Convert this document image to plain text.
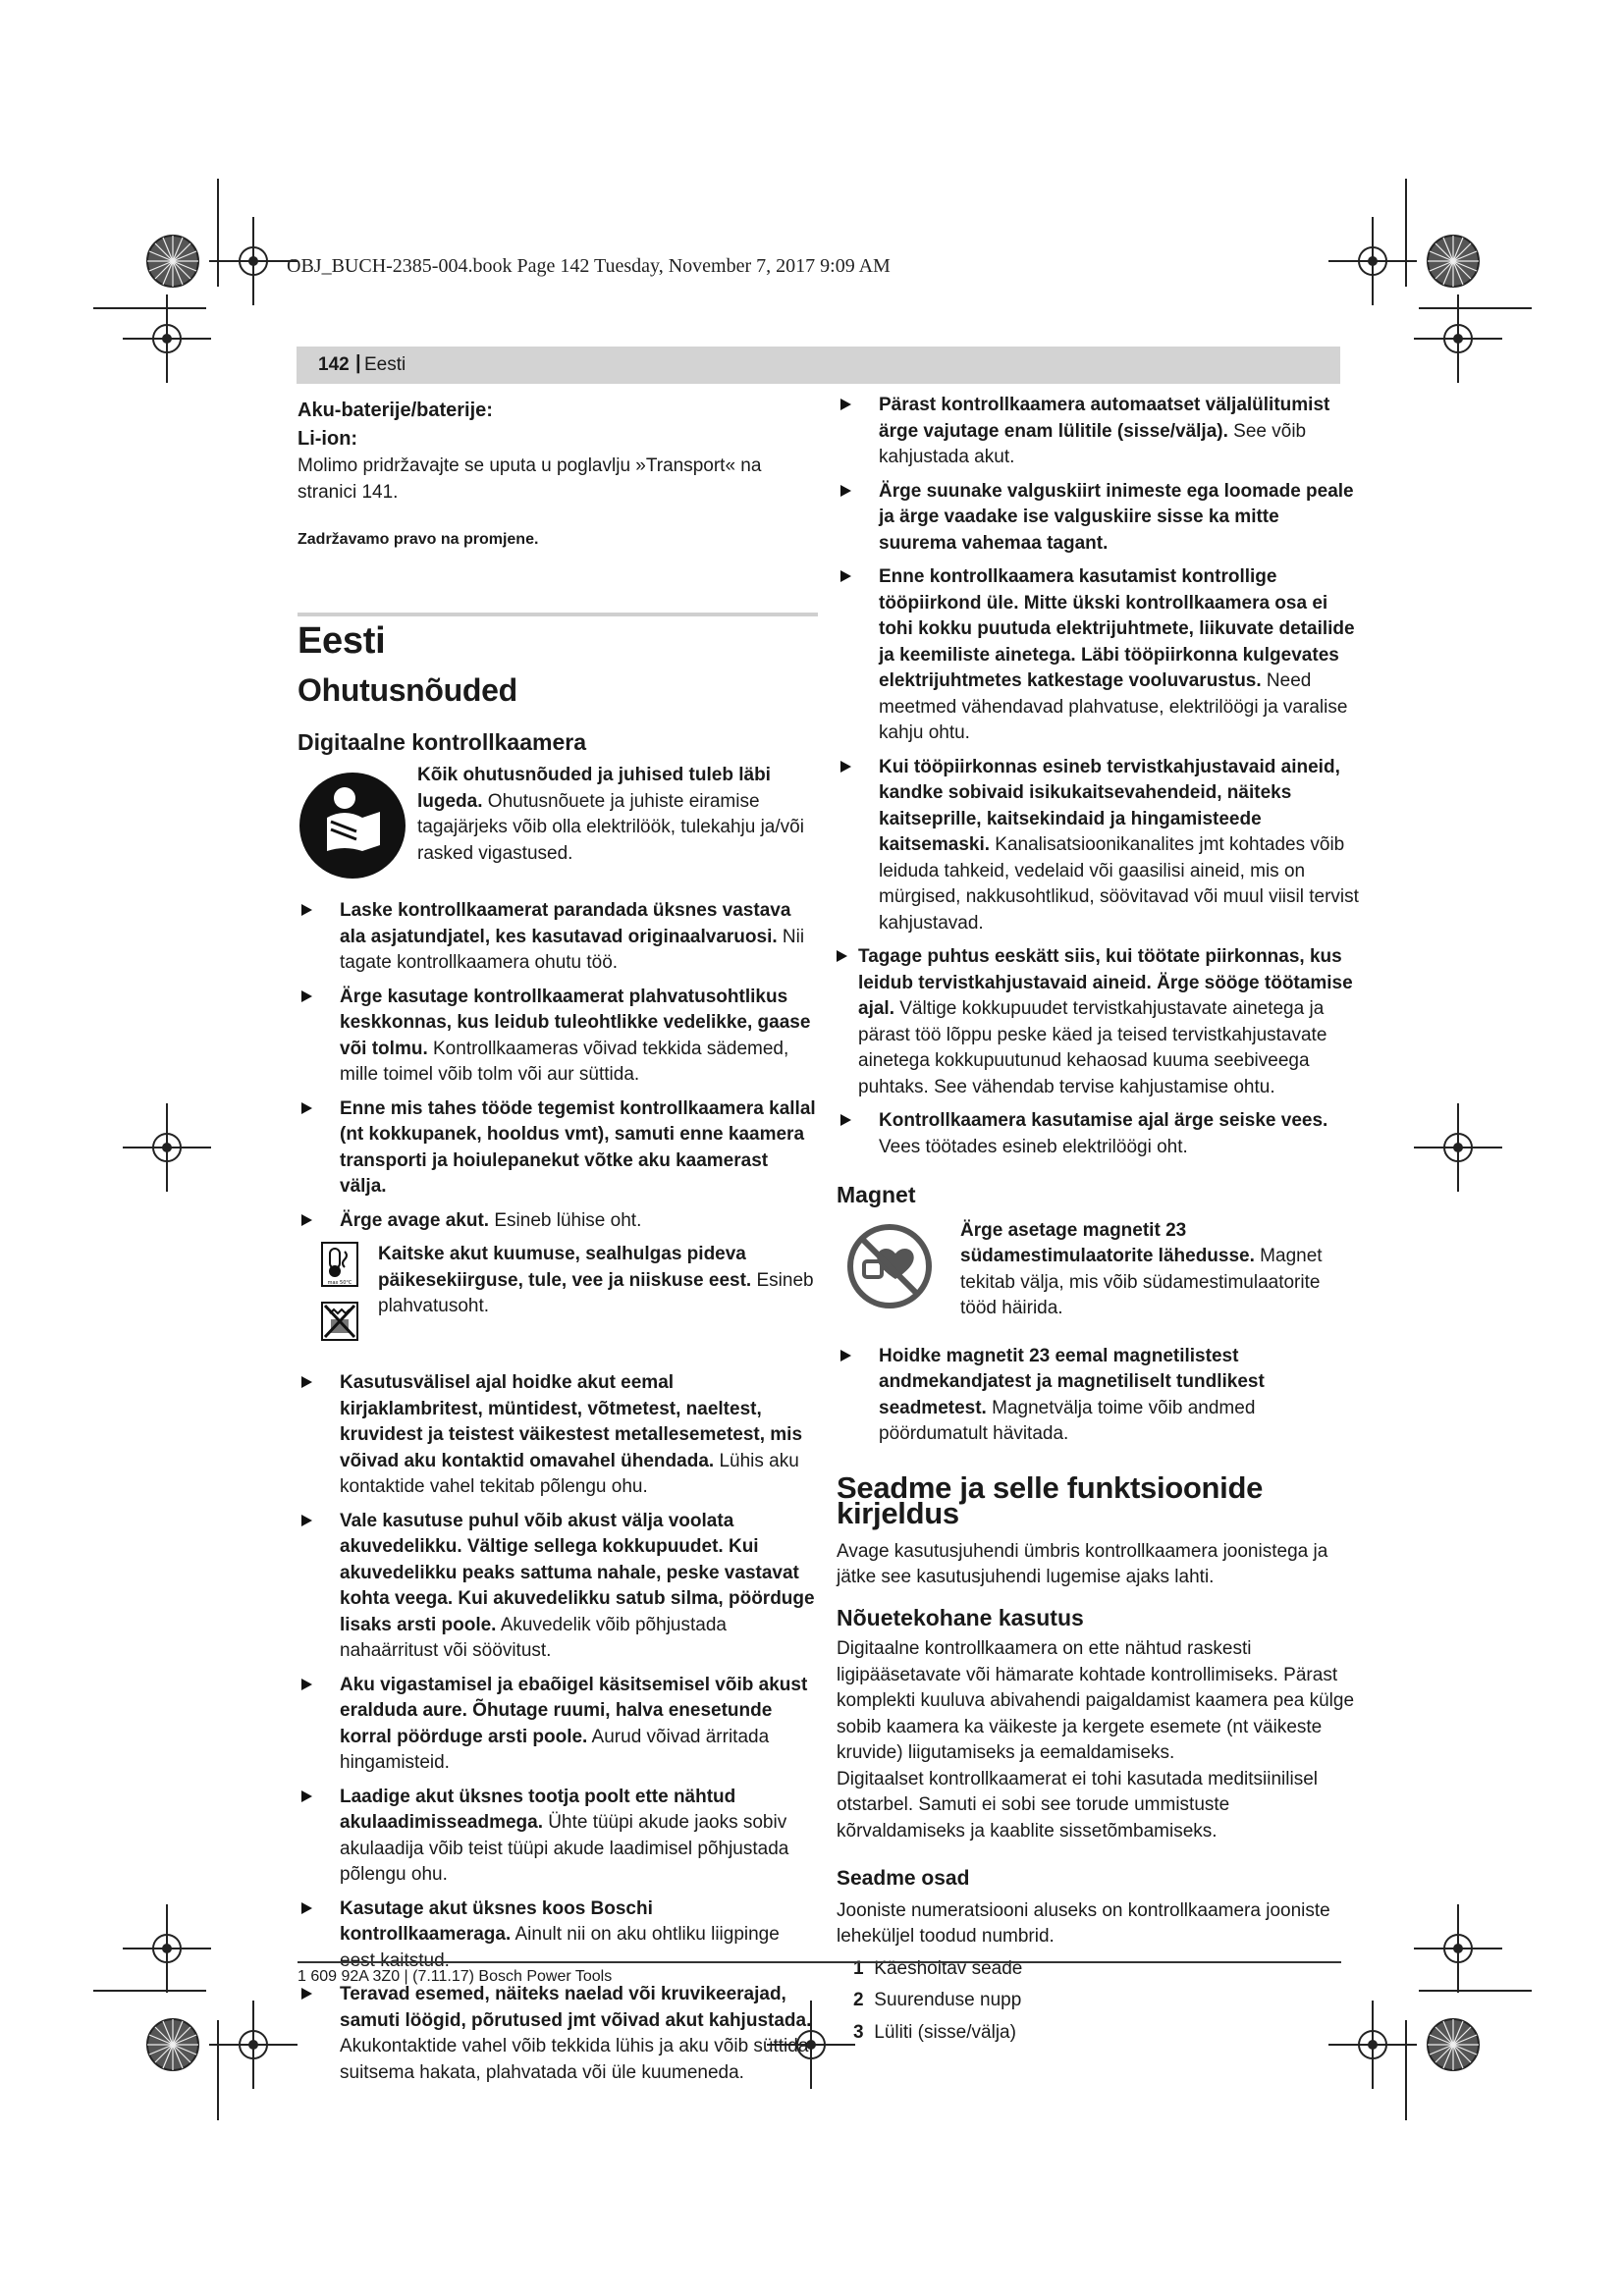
OBJ_BUCH-2385-004.book Page 142 Tuesday, November 7, 2017 9:09 AM
142 | Eesti

Aku-baterije/baterije:

Li-ion:

Molimo pridržavajte se uputa u poglavlju »Transport« na stranici 141.

Zadržavamo pravo na promjene.

Eesti

Ohutusnõuded

Digitaalne kontrollkaamera

Kõik ohutusnõuded ja juhised tuleb läbi lugeda. Ohutusnõuete ja juhiste eiramise tagajärjeks võib olla elektrilöök, tulekahju ja/või rasked vigastused.

Laske kontrollkaamerat parandada üksnes vastava ala asjatundjatel, kes kasutavad originaalvaruosi. Nii tagate kontrollkaamera ohutu töö.
Ärge kasutage kontrollkaamerat plahvatusohtlikus keskkonnas, kus leidub tuleohtlikke vedelikke, gaase või tolmu. Kontrollkaameras võivad tekkida sädemed, mille toimel võib tolm või aur süttida.
Enne mis tahes tööde tegemist kontrollkaamera kallal (nt kokkupanek, hooldus vmt), samuti enne kaamera transporti ja hoiulepanekut võtke aku kaamerast välja.
Ärge avage akut. Esineb lühise oht.
max 50°C

Kaitske akut kuumuse, sealhulgas pideva päikesekiirguse, tule, vee ja niiskuse eest. Esineb plahvatusoht.

Kasutusvälisel ajal hoidke akut eemal kirjaklambritest, müntidest, võtmetest, naeltest, kruvidest ja teistest väikestest metallesemetest, mis võivad aku kontaktid omavahel ühendada. Lühis aku kontaktide vahel tekitab põlengu ohu.
Vale kasutuse puhul võib akust välja voolata akuvedelikku. Vältige sellega kokkupuudet. Kui akuvedelikku peaks sattuma nahale, peske vastavat kohta veega. Kui akuvedelikku satub silma, pöörduge lisaks arsti poole. Akuvedelik võib põhjustada nahaärritust või söövitust.
Aku vigastamisel ja ebaõigel käsitsemisel võib akust eralduda aure. Õhutage ruumi, halva enesetunde korral pöörduge arsti poole. Aurud võivad ärritada hingamisteid.
Laadige akut üksnes tootja poolt ette nähtud akulaadimisseadmega. Ühte tüüpi akude jaoks sobiv akulaadija võib teist tüüpi akude laadimisel põhjustada põlengu ohu.
Kasutage akut üksnes koos Boschi kontrollkaameraga. Ainult nii on aku ohtliku liigpinge eest kaitstud.
Teravad esemed, näiteks naelad või kruvikeerajad, samuti löögid, põrutused jmt võivad akut kahjustada. Akukontaktide vahel võib tekkida lühis ja aku võib süttida, suitsema hakata, plahvatada või üle kuumeneda.
Pärast kontrollkaamera automaatset väljalülitumist ärge vajutage enam lülitile (sisse/välja). See võib kahjustada akut.
Ärge suunake valguskiirt inimeste ega loomade peale ja ärge vaadake ise valguskiire sisse ka mitte suurema vahemaa tagant.
Enne kontrollkaamera kasutamist kontrollige tööpiirkond üle. Mitte ükski kontrollkaamera osa ei tohi kokku puutuda elektrijuhtmete, liikuvate detailide ja keemiliste ainetega. Läbi tööpiirkonna kulgevates elektrijuhtmetes katkestage vooluvarustus. Need meetmed vähendavad plahvatuse, elektrilöögi ja varalise kahju ohtu.
Kui tööpiirkonnas esineb tervistkahjustavaid aineid, kandke sobivaid isikukaitsevahendeid, näiteks kaitseprille, kaitsekindaid ja hingamisteede kaitsemaski. Kanalisatsioonikanalites jmt kohtades võib leiduda tahkeid, vedelaid või gaasilisi aineid, mis on mürgised, nakkusohtlikud, söövitavad või muul viisil tervist kahjustavad.
Tagage puhtus eeskätt siis, kui töötate piirkonnas, kus leidub tervistkahjustavaid aineid. Ärge sööge töötamise ajal. Vältige kokkupuudet tervistkahjustavate ainetega ja pärast töö lõppu peske käed ja teised tervistkahjustavate ainetega kokkupuutunud kehaosad kuuma seebiveega puhtaks. See vähendab tervise kahjustamise ohtu.
Kontrollkaamera kasutamise ajal ärge seiske vees. Vees töötades esineb elektrilöögi oht.

Magnet

Ärge asetage magnetit 23 südamestimulaatorite lähedusse. Magnet tekitab välja, mis võib südamestimulaatorite tööd häirida.

Hoidke magnetit 23 eemal magnetilistest andmekandjatest ja magnetiliselt tundlikest seadmetest. Magnetvälja toime võib andmed pöördumatult hävitada.

Seadme ja selle funktsioonide kirjeldus

Avage kasutusjuhendi ümbris kontrollkaamera joonistega ja jätke see kasutusjuhendi lugemise ajaks lahti.

Nõuetekohane kasutus

Digitaalne kontrollkaamera on ette nähtud raskesti ligipääsetavate või hämarate kohtade kontrollimiseks. Pärast komplekti kuuluva abivahendi paigaldamist kaamera pea külge sobib kaamera ka väikeste ja kergete esemete (nt väikeste kruvide) liigutamiseks ja eemaldamiseks.

Digitaalset kontrollkaamerat ei tohi kasutada meditsiinilisel otstarbel. Samuti ei sobi see torude ummistuste kõrvaldamiseks ja kaablite sissetõmbamiseks.

Seadme osad

Jooniste numeratsiooni aluseks on kontrollkaamera jooniste leheküljel toodud numbrid.

1 Käeshoitav seade

2 Suurenduse nupp

3 Lüliti (sisse/välja)

1 609 92A 3Z0 | (7.11.17) Bosch Power Tools
